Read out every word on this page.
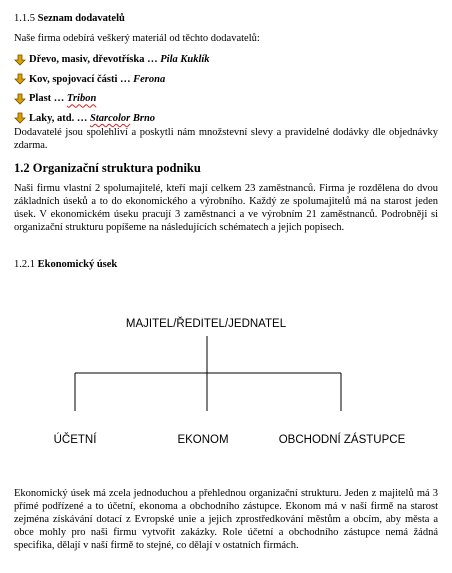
1.1.5 Seznam dodavatelů
Naše firma odebírá veškerý materiál od těchto dodavatelů:
Dřevo, masiv, dřevotříska …
Pila Kuklík
Kov, spojovací části …
Ferona
Plast …
Tribon
Laky, atd. …
Starcolor
Brno
Dodavatelé jsou spolehliví a poskytli nám množstevní slevy a pravidelné dodávky dle objednávky zdarma.
1.2 Organizační struktura podniku
Naši firmu vlastní 2 spolumajitelé, kteří mají celkem 23 zaměstnanců. Firma je rozdělena do dvou základních úseků a to do ekonomického a výrobního. Každý ze spolumajitelů má na starost jeden úsek. V ekonomickém úseku pracují 3 zaměstnanci a ve výrobním 21 zaměstnanců. Podrobněji si organizační strukturu popíšeme na následujících schématech a jejich popisech.
1.2.1 Ekonomický úsek
MAJITEL/ŘEDITEL/JEDNATEL
ÚČETNÍ	EKONOM	OBCHODNÍ ZÁSTUPCE
Ekonomický úsek má zcela jednoduchou a přehlednou organizační strukturu. Jeden z majitelů má 3 přímé podřízené a to účetní, ekonoma a obchodního zástupce. Ekonom má v naší firmě na starost zejména získávání dotací z Evropské unie a jejich zprostředkování městům a obcím, aby města a obce mohly pro naši firmu vytvořit zakázky. Role účetní a obchodního zástupce nemá žádná specifika, dělají v naší firmě to stejné, co dělají v ostatních firmách.
